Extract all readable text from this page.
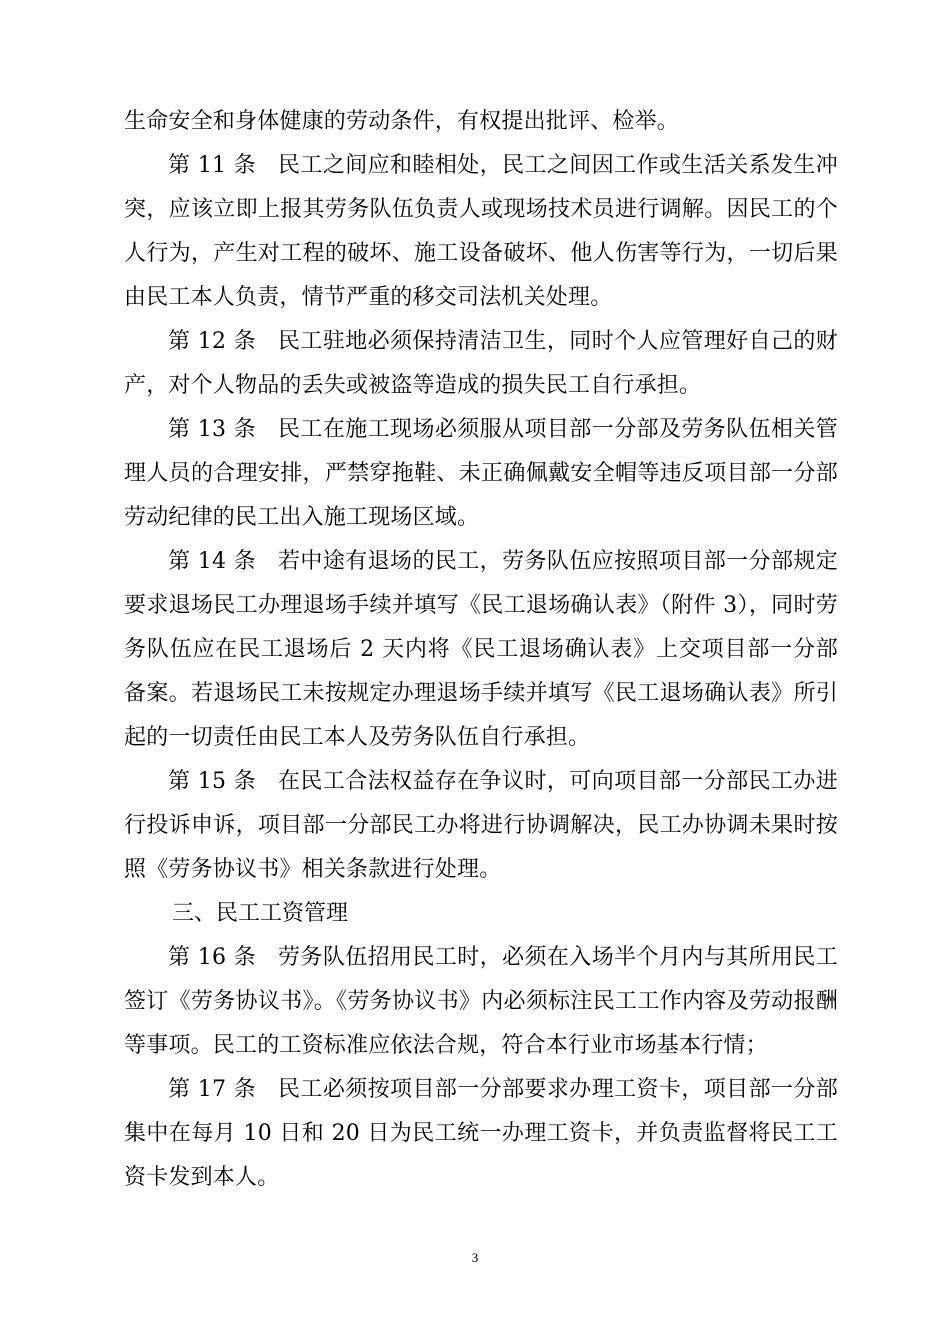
生命安全和身体健康的劳动条件，有权提出批评、检举。

第 11 条 民工之间应和睦相处，民工之间因工作或生活关系发生冲突，应该立即上报其劳务队伍负责人或现场技术员进行调解。因民工的个人行为，产生对工程的破坏、施工设备破坏、他人伤害等行为，一切后果由民工本人负责，情节严重的移交司法机关处理。

第 12 条 民工驻地必须保持清洁卫生，同时个人应管理好自己的财产，对个人物品的丢失或被盗等造成的损失民工自行承担。

第 13 条 民工在施工现场必须服从项目部一分部及劳务队伍相关管理人员的合理安排，严禁穿拖鞋、未正确佩戴安全帽等违反项目部一分部劳动纪律的民工出入施工现场区域。

第 14 条 若中途有退场的民工，劳务队伍应按照项目部一分部规定要求退场民工办理退场手续并填写《民工退场确认表》（附件 3），同时劳务队伍应在民工退场后 2 天内将《民工退场确认表》上交项目部一分部备案。若退场民工未按规定办理退场手续并填写《民工退场确认表》所引起的一切责任由民工本人及劳务队伍自行承担。

第 15 条 在民工合法权益存在争议时，可向项目部一分部民工办进行投诉申诉，项目部一分部民工办将进行协调解决，民工办协调未果时按照《劳务协议书》相关条款进行处理。

三、民工工资管理

第 16 条 劳务队伍招用民工时，必须在入场半个月内与其所用民工签订《劳务协议书》。《劳务协议书》内必须标注民工工作内容及劳动报酬等事项。民工的工资标准应依法合规，符合本行业市场基本行情；

第 17 条 民工必须按项目部一分部要求办理工资卡，项目部一分部集中在每月 10 日和 20 日为民工统一办理工资卡，并负责监督将民工工资卡发到本人。

3
